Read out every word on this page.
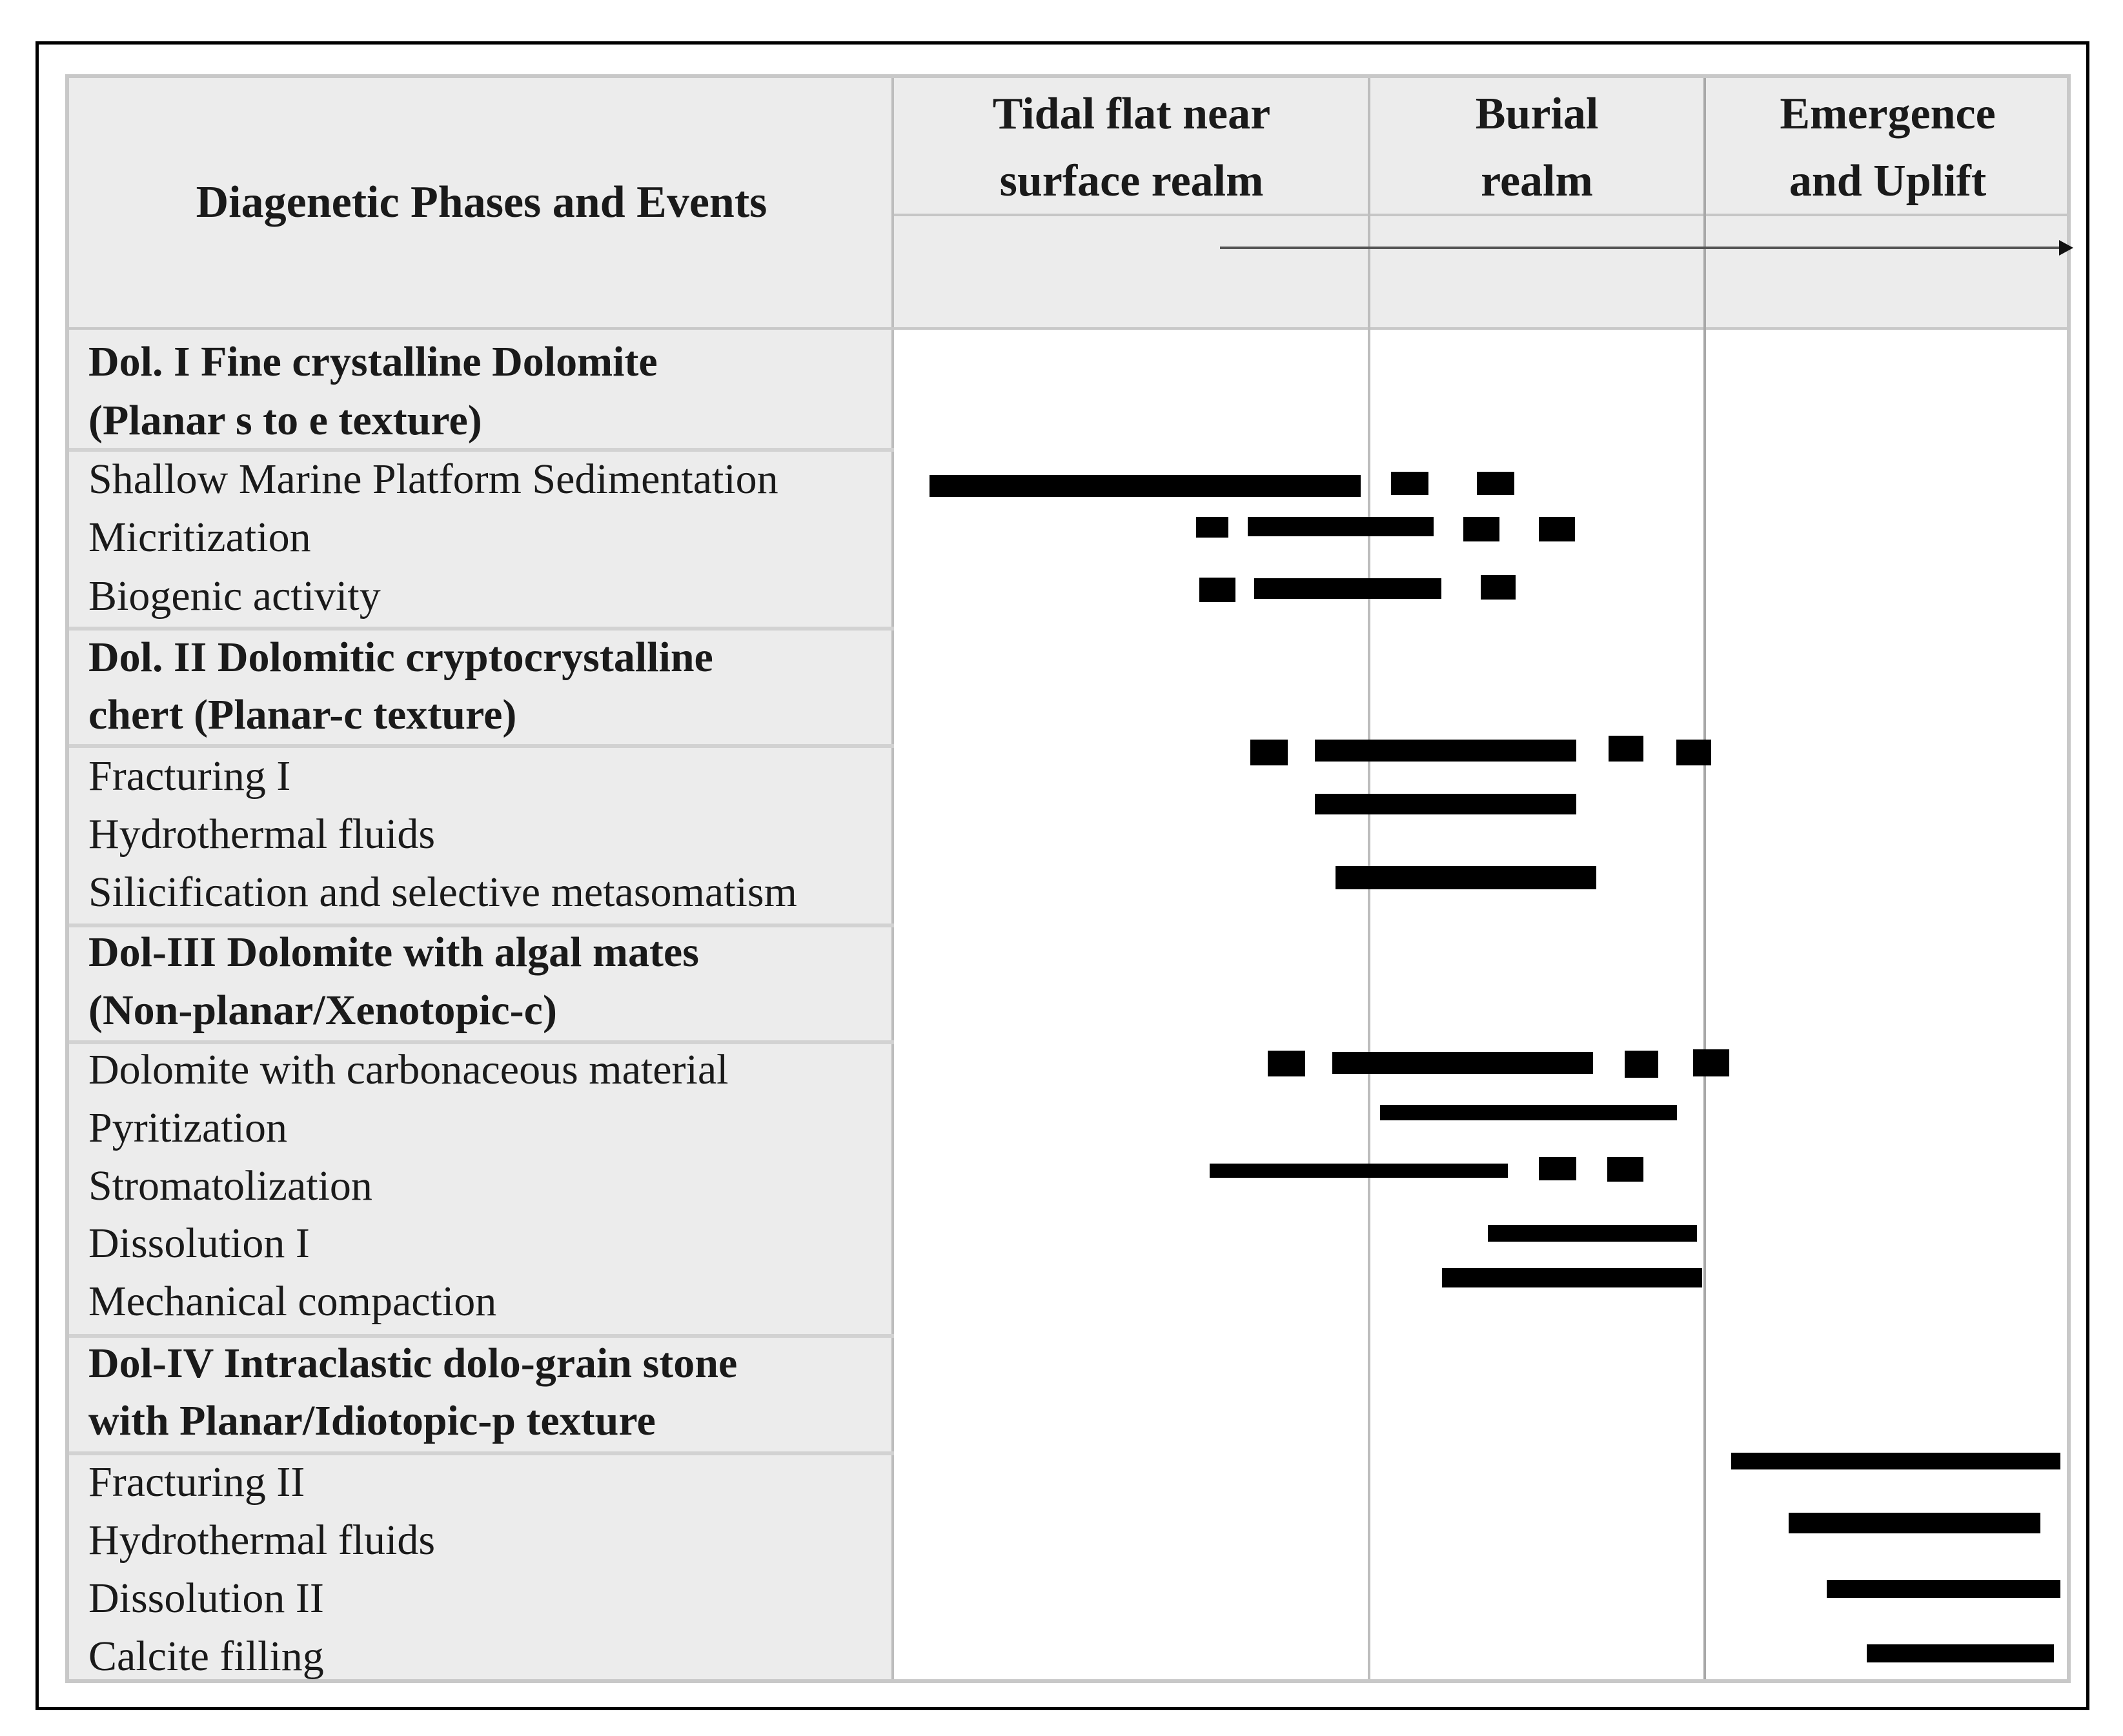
Diagenetic Phases and Events
Tidal flat near
surface realm
Burial
realm
Emergence
and Uplift
Dol. I Fine crystalline Dolomite
(Planar s to e texture)
Shallow Marine Platform Sedimentation
Micritization
Biogenic activity
Dol. II Dolomitic cryptocrystalline
chert (Planar-c texture)
Fracturing I
Hydrothermal fluids
Silicification and selective metasomatism
Dol-III Dolomite with algal mates
(Non-planar/Xenotopic-c)
Dolomite with carbonaceous material
Pyritization
Stromatolization
Dissolution I
Mechanical compaction
Dol-IV Intraclastic dolo-grain stone
with Planar/Idiotopic-p texture
Fracturing II
Hydrothermal fluids
Dissolution II
Calcite filling
